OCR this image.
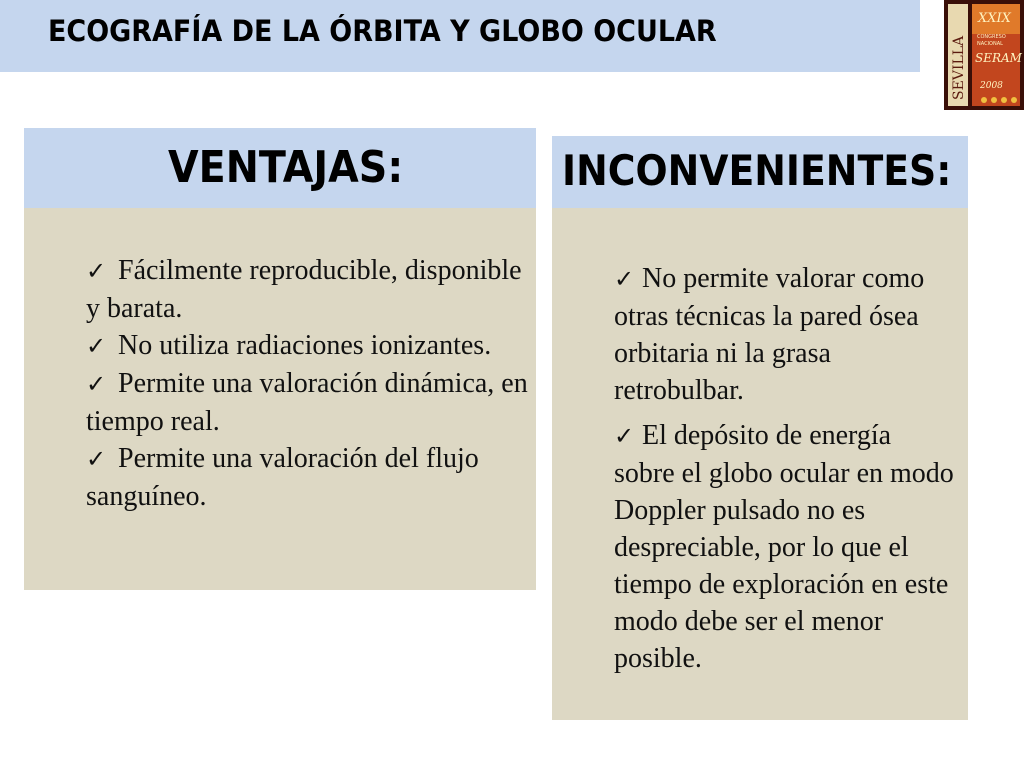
ECOGRAFÍA DE LA ÓRBITA Y GLOBO OCULAR
SEVILLA
XXIX
CONGRESO
NACIONAL
SERAM
2008
VENTAJAS:
✓ Fácilmente reproducible, disponible y barata.
✓ No utiliza radiaciones ionizantes.
✓ Permite una valoración dinámica, en tiempo real.
✓ Permite una valoración del flujo sanguíneo.
INCONVENIENTES:
✓ No permite valorar como otras técnicas la pared ósea orbitaria ni la grasa retrobulbar.
✓ El depósito de energía sobre el globo ocular en modo Doppler pulsado no es despreciable, por lo que el tiempo de exploración en este modo debe ser el menor posible.
